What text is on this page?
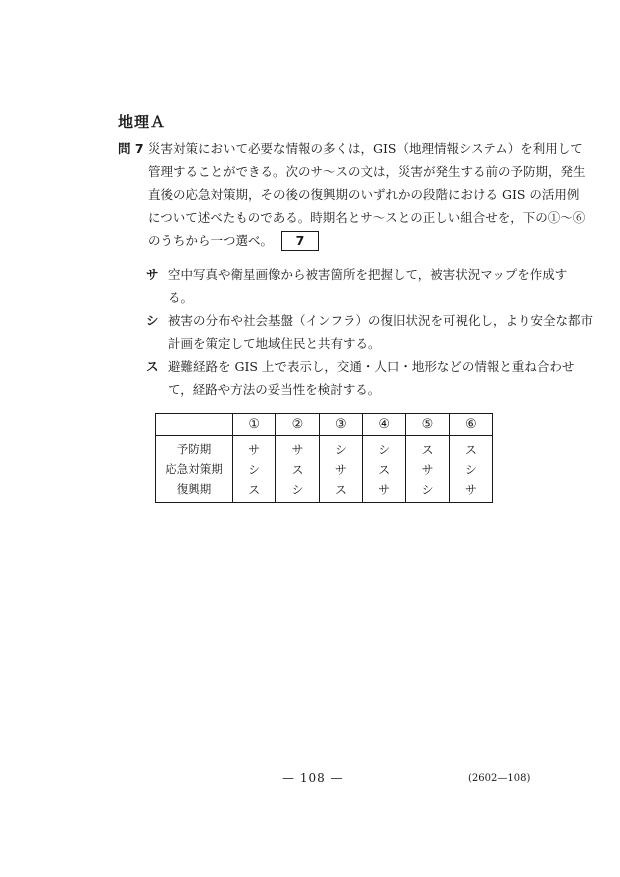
地理Ａ
問 7 災害対策において必要な情報の多くは，GIS（地理情報システム）を利用して
管理することができる。次のサ～スの文は，災害が発生する前の予防期，発生
直後の応急対策期，その後の復興期のいずれかの段階における GIS の活用例
について述べたものである。時期名とサ～スとの正しい組合せを，下の①～⑥
のうちから一つ選べ。 7
サ 空中写真や衛星画像から被害箇所を把握して，被害状況マップを作成す
る。
シ 被害の分布や社会基盤（インフラ）の復旧状況を可視化し，より安全な都市
計画を策定して地域住民と共有する。
ス 避難経路を GIS 上で表示し，交通・人口・地形などの情報と重ね合わせ
て，経路や方法の妥当性を検討する。
	①	②	③	④	⑤	⑥
予防期	サ	サ	シ	シ	ス	ス
応急対策期	シ	ス	サ	ス	サ	シ
復興期	ス	シ	ス	サ	シ	サ
— 108 —	(2602—108)
